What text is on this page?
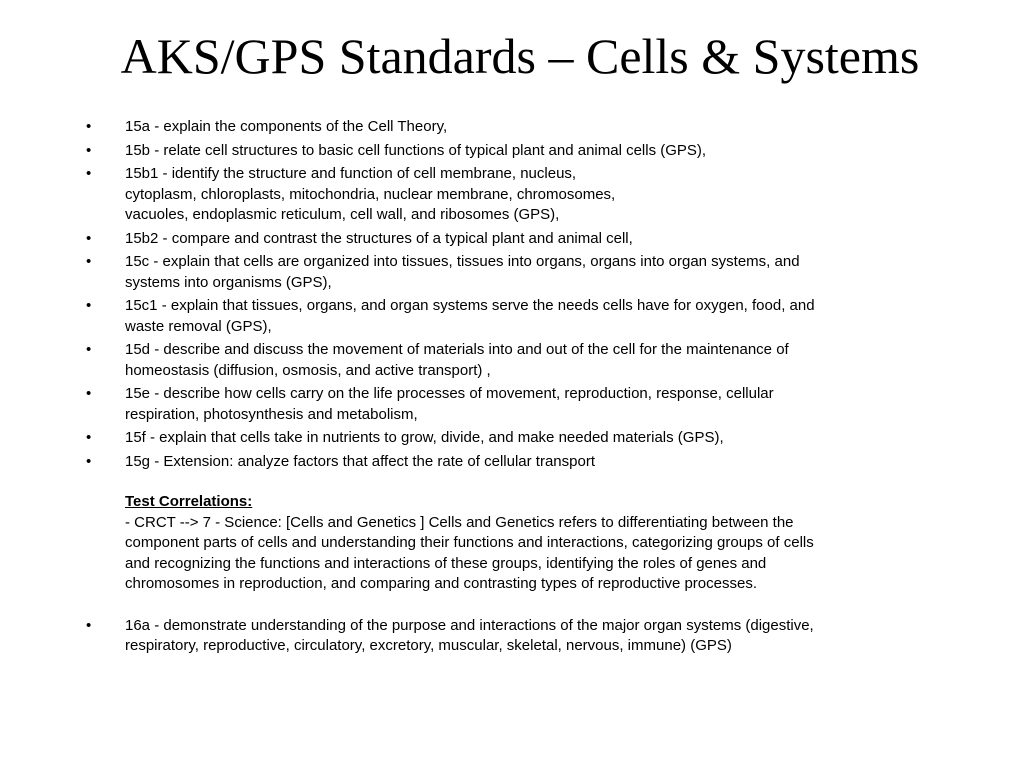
AKS/GPS Standards – Cells & Systems
• 15a - explain the components of the Cell Theory,
• 15b - relate cell structures to basic cell functions of typical plant and animal cells (GPS),
• 15b1 - identify the structure and function of cell membrane, nucleus,
cytoplasm, chloroplasts, mitochondria, nuclear membrane, chromosomes,
vacuoles, endoplasmic reticulum, cell wall, and ribosomes (GPS),
• 15b2 - compare and contrast the structures of a typical plant and animal cell,
• 15c - explain that cells are organized into tissues, tissues into organs, organs into organ systems, and
systems into organisms (GPS),
• 15c1 - explain that tissues, organs, and organ systems serve the needs cells have for oxygen, food, and
waste removal (GPS),
• 15d - describe and discuss the movement of materials into and out of the cell for the maintenance of
homeostasis (diffusion, osmosis, and active transport) ,
• 15e - describe how cells carry on the life processes of movement, reproduction, response, cellular
respiration, photosynthesis and metabolism,
• 15f - explain that cells take in nutrients to grow, divide, and make needed materials (GPS),
• 15g - Extension: analyze factors that affect the rate of cellular transport
Test Correlations:
- CRCT --> 7 - Science: [Cells and Genetics ] Cells and Genetics refers to differentiating between the
component parts of cells and understanding their functions and interactions, categorizing groups of cells
and recognizing the functions and interactions of these groups, identifying the roles of genes and
chromosomes in reproduction, and comparing and contrasting types of reproductive processes.
• 16a - demonstrate understanding of the purpose and interactions of the major organ systems (digestive,
respiratory, reproductive, circulatory, excretory, muscular, skeletal, nervous, immune) (GPS)
